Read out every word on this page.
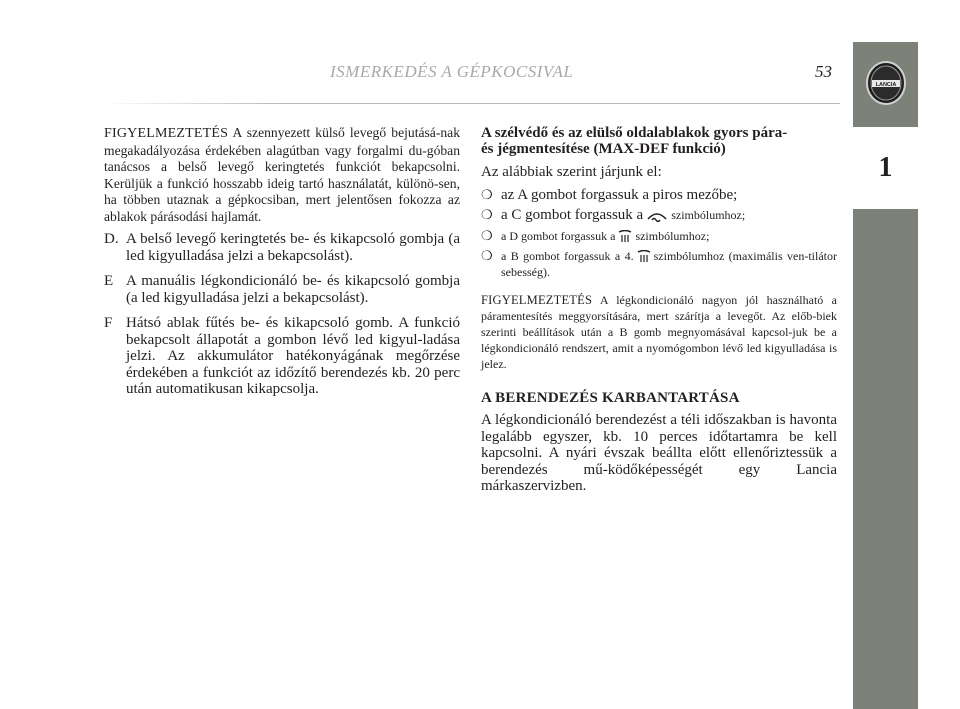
ISMERKEDÉS A GÉPKOCSIVAL	53
LANCIA
1

FIGYELMEZTETÉS A szennyezett külső levegő bejutásá-nak megakadályozása érdekében alagútban vagy forgalmi du-góban tanácsos a belső levegő keringtetés funkciót bekapcsolni. Kerüljük a funkció hosszabb ideig tartó használatát, különö-sen, ha többen utaznak a gépkocsiban, mert jelentősen fokozza az ablakok párásodási hajlamát.

D. A belső levegő keringtetés be- és kikapcsoló gombja (a led kigyulladása jelzi a bekapcsolást).
E A manuális légkondicionáló be- és kikapcsoló gombja (a led kigyulladása jelzi a bekapcsolást).
F Hátsó ablak fűtés be- és kikapcsoló gomb. A funkció bekapcsolt állapotát a gombon lévő led kigyul-ladása jelzi. Az akkumulátor hatékonyágának megőrzése érdekében a funkciót az időzítő berendezés kb. 20 perc után automatikusan kikapcsolja.
A szélvédő és az elülső oldalablakok gyors pára-
és jégmentesítése (MAX-DEF funkció)

Az alábbiak szerint járjunk el:

❍ az A gombot forgassuk a piros mezőbe;
❍ a C gombot forgassuk a szimbólumhoz;
❍ a D gombot forgassuk a szimbólumhoz;
❍ a B gombot forgassuk a 4. szimbólumhoz (maximális ven-tilátor sebesség).

FIGYELMEZTETÉS A légkondicionáló nagyon jól használható a páramentesítés meggyorsítására, mert szárítja a levegőt. Az előb-biek szerinti beállítások után a B gomb megnyomásával kapcsol-juk be a légkondicionáló rendszert, amit a nyomógombon lévő led kigyulladása is jelez.

A BERENDEZÉS KARBANTARTÁSA

A légkondicionáló berendezést a téli időszakban is havonta legalább egyszer, kb. 10 perces időtartamra be kell kapcsolni. A nyári évszak beállta előtt ellenőriztessük a berendezés mű-ködőképességét egy Lancia márkaszervizben.
